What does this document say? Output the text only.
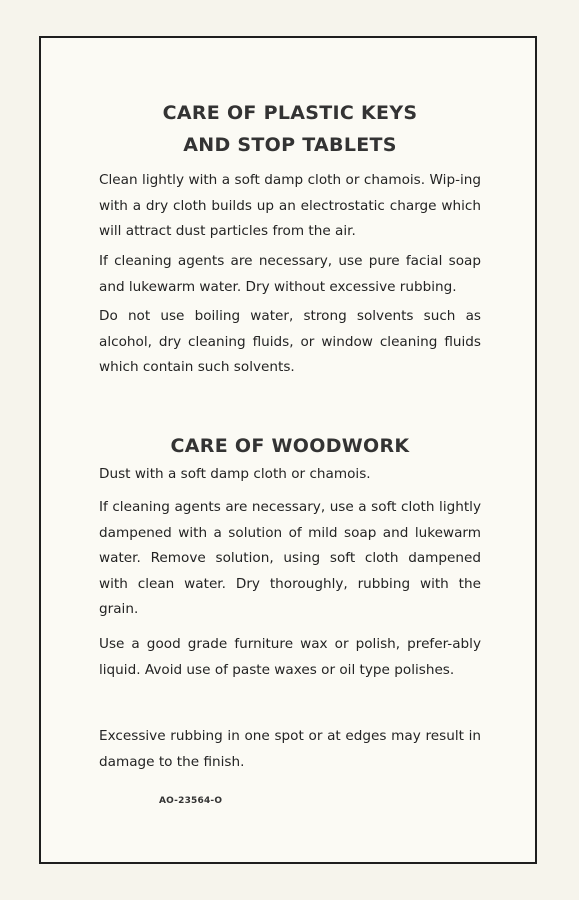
CARE OF PLASTIC KEYS
AND STOP TABLETS

Clean lightly with a soft damp cloth or chamois. Wip-ing with a dry cloth builds up an electrostatic charge which will attract dust particles from the air.

If cleaning agents are necessary, use pure facial soap and lukewarm water. Dry without excessive rubbing.

Do not use boiling water, strong solvents such as alcohol, dry cleaning fluids, or window cleaning fluids which contain such solvents.

CARE OF WOODWORK

Dust with a soft damp cloth or chamois.

If cleaning agents are necessary, use a soft cloth lightly dampened with a solution of mild soap and lukewarm water. Remove solution, using soft cloth dampened with clean water. Dry thoroughly, rubbing with the grain.

Use a good grade furniture wax or polish, prefer-ably liquid. Avoid use of paste waxes or oil type polishes.

Excessive rubbing in one spot or at edges may result in damage to the finish.

AO-23564-O
